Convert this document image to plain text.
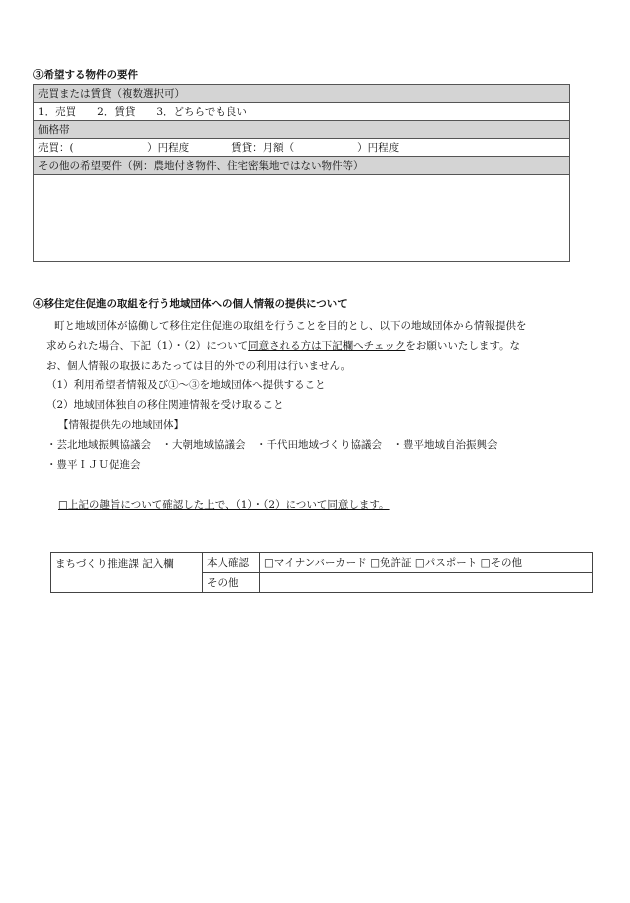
③希望する物件の要件
売買または賃貸（複数選択可）
1．売買　　2．賃貸　　3．どちらでも良い
価格帯
売買：(　　　　　　　）円程度　　　　賃貸：月額（　　　　　　）円程度
その他の希望要件（例：農地付き物件、住宅密集地ではない物件等）
④移住定住促進の取組を行う地域団体への個人情報の提供について
町と地域団体が協働して移住定住促進の取組を行うことを目的とし、以下の地域団体から情報提供を
求められた場合、下記（1）・（2）について同意される方は下記欄へチェックをお願いいたします。な
お、個人情報の取扱にあたっては目的外での利用は行いません。
（1）利用希望者情報及び①～③を地域団体へ提供すること
（2）地域団体独自の移住関連情報を受け取ること
【情報提供先の地域団体】
・芸北地域振興協議会　・大朝地域協議会　・千代田地域づくり協議会　・豊平地域自治振興会
・豊平ＩＪＵ促進会
□上記の趣旨について確認した上で、（1）・（2）について同意します。
まちづくり推進課 記入欄	本人確認	□マイナンバーカード □免許証 □パスポート □その他
	その他	
